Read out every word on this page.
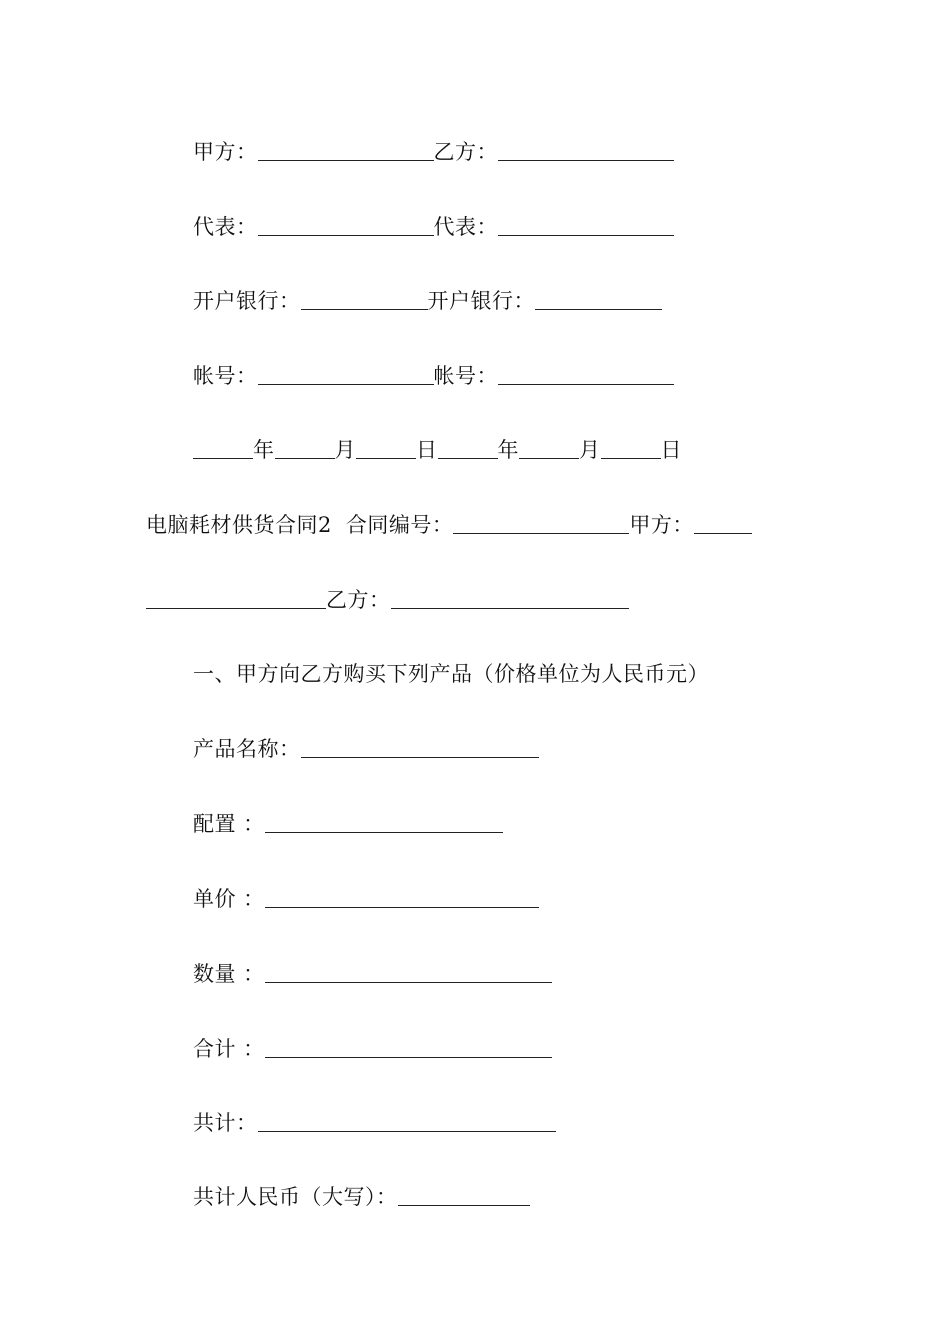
甲方：	乙方：
代表：	代表：
开户银行：	开户银行：
帐号：	帐号：
年	月	日	年	月	日
电脑耗材供货合同2 合同编号：	甲方：
乙方：
一、甲方向乙方购买下列产品（价格单位为人民币元）
产品名称：
配置 ：
单价 ：
数量 ：
合计 ：
共计：
共计人民币（大写）：
